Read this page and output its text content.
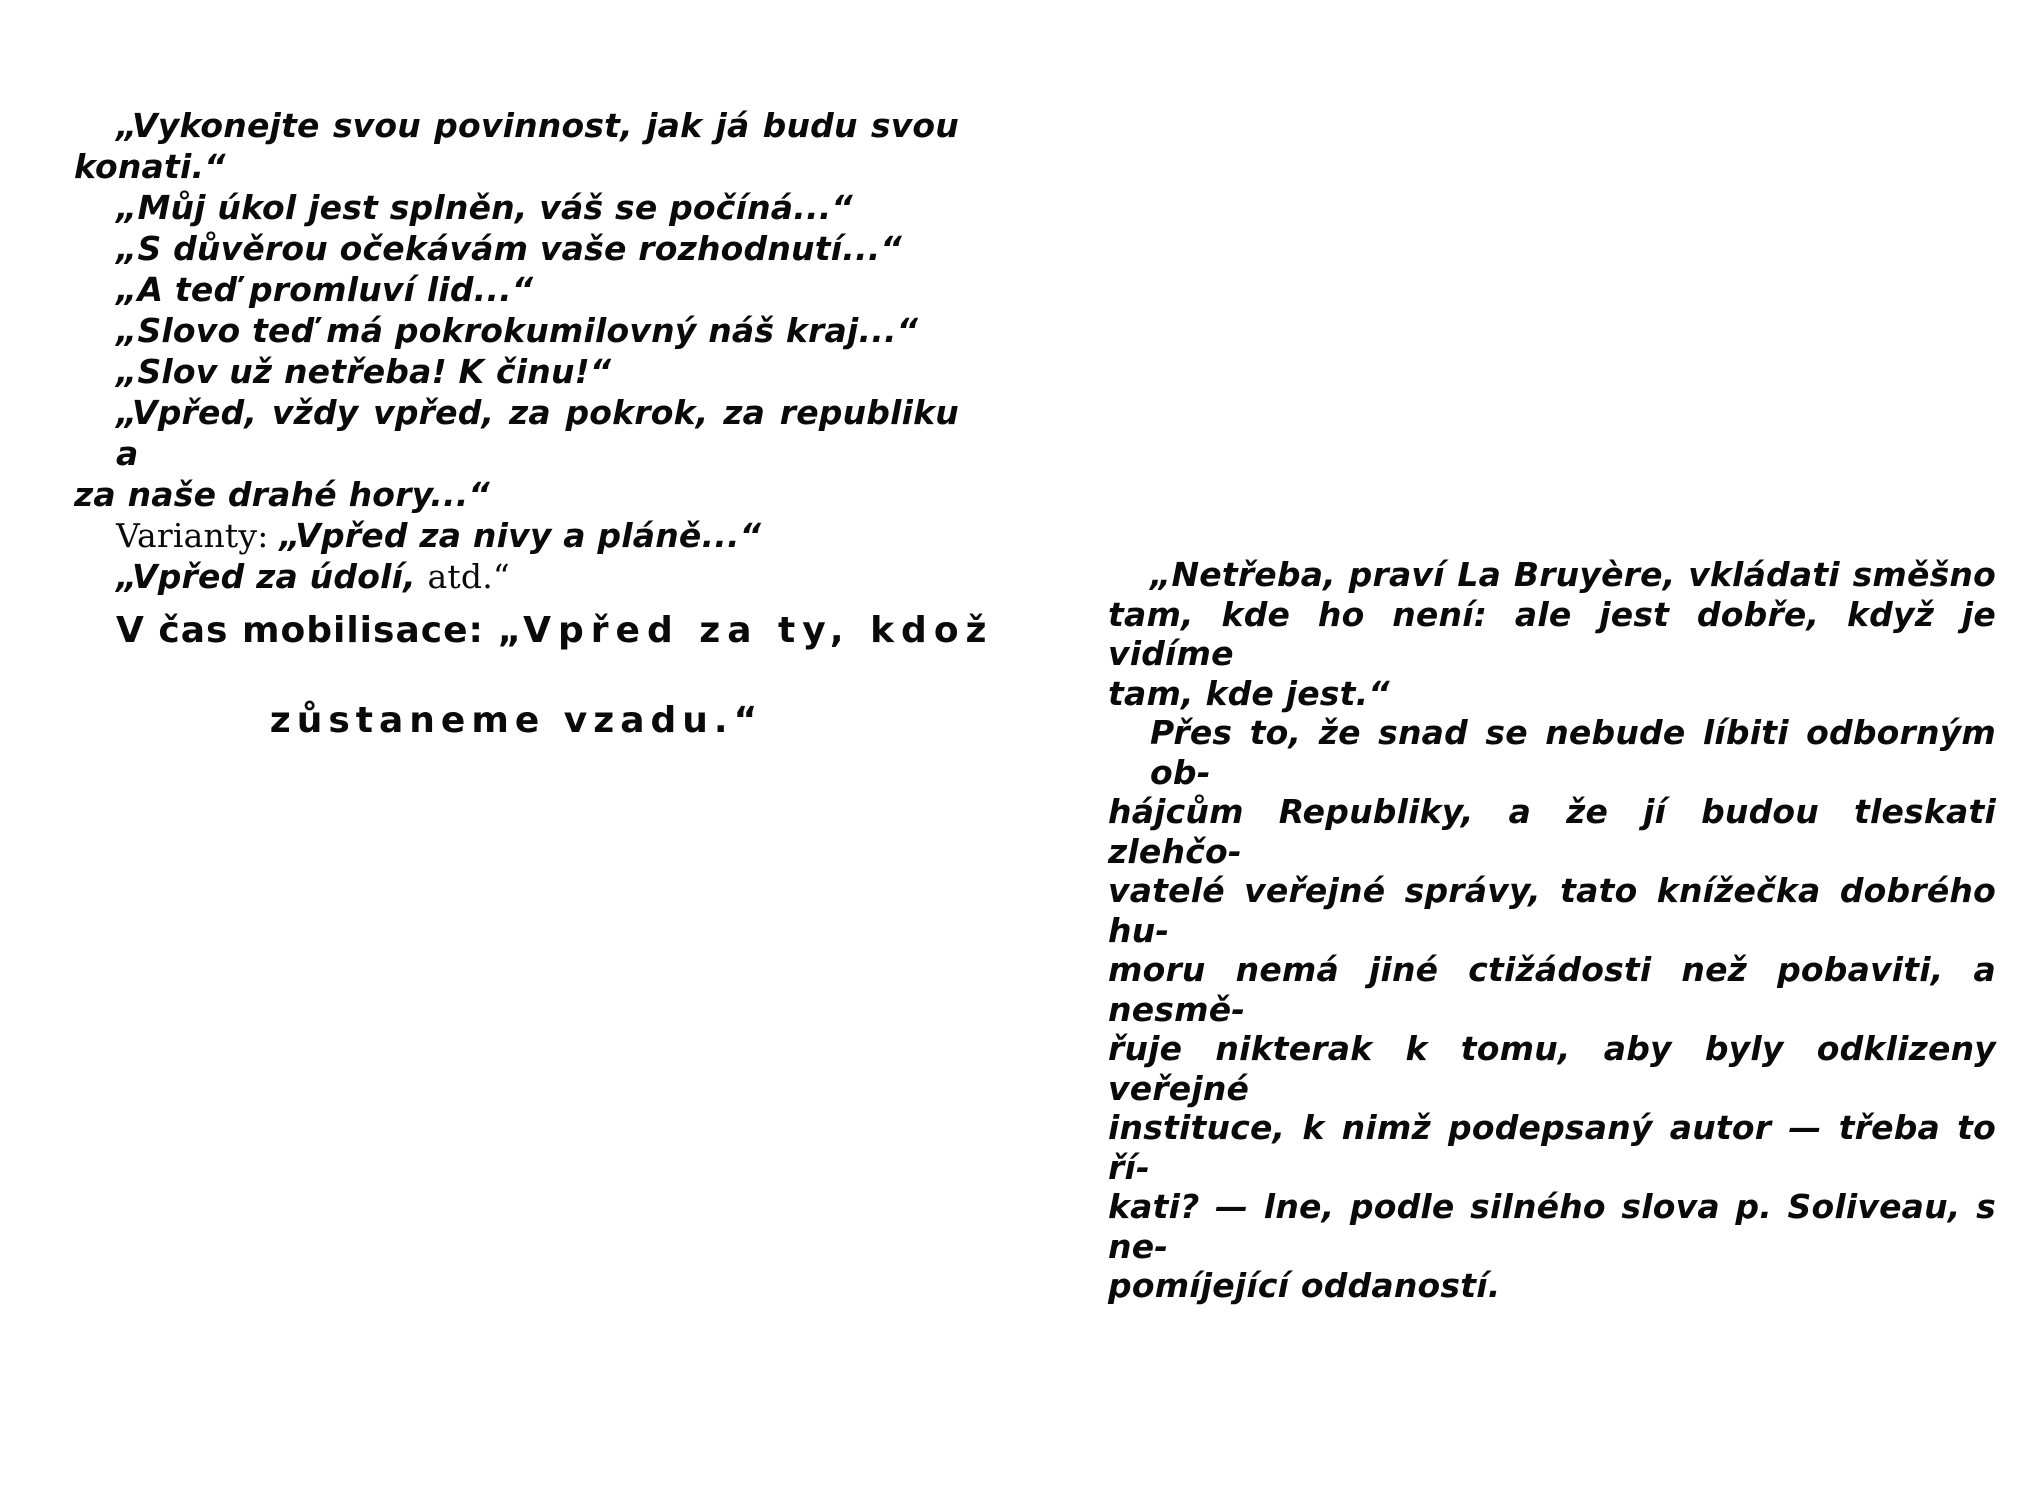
„Vykonejte svou povinnost, jak já budu svou
konati.“
„Můj úkol jest splněn, váš se počíná...“
„S důvěrou očekávám vaše rozhodnutí...“
„A teď promluví lid...“
„Slovo teď má pokrokumilovný náš kraj...“
„Slov už netřeba! K činu!“
„Vpřed, vždy vpřed, za pokrok, za republiku a
za naše drahé hory...“
Varianty: „Vpřed za nivy a pláně...“
„Vpřed za údolí, atd.“
V čas mobilisace: „Vpřed za ty, kdož
zůstaneme vzadu.“
„Netřeba, praví La Bruyère, vkládati směšno
tam, kde ho není: ale jest dobře, když je vidíme
tam, kde jest.“
Přes to, že snad se nebude líbiti odborným ob-
hájcům Republiky, a že jí budou tleskati zlehčo-
vatelé veřejné správy, tato knížečka dobrého hu-
moru nemá jiné ctižádosti než pobaviti, a nesmě-
řuje nikterak k tomu, aby byly odklizeny veřejné
instituce, k nimž podepsaný autor — třeba to ří-
kati? — lne, podle silného slova p. Soliveau, s ne-
pomíjející oddaností.
